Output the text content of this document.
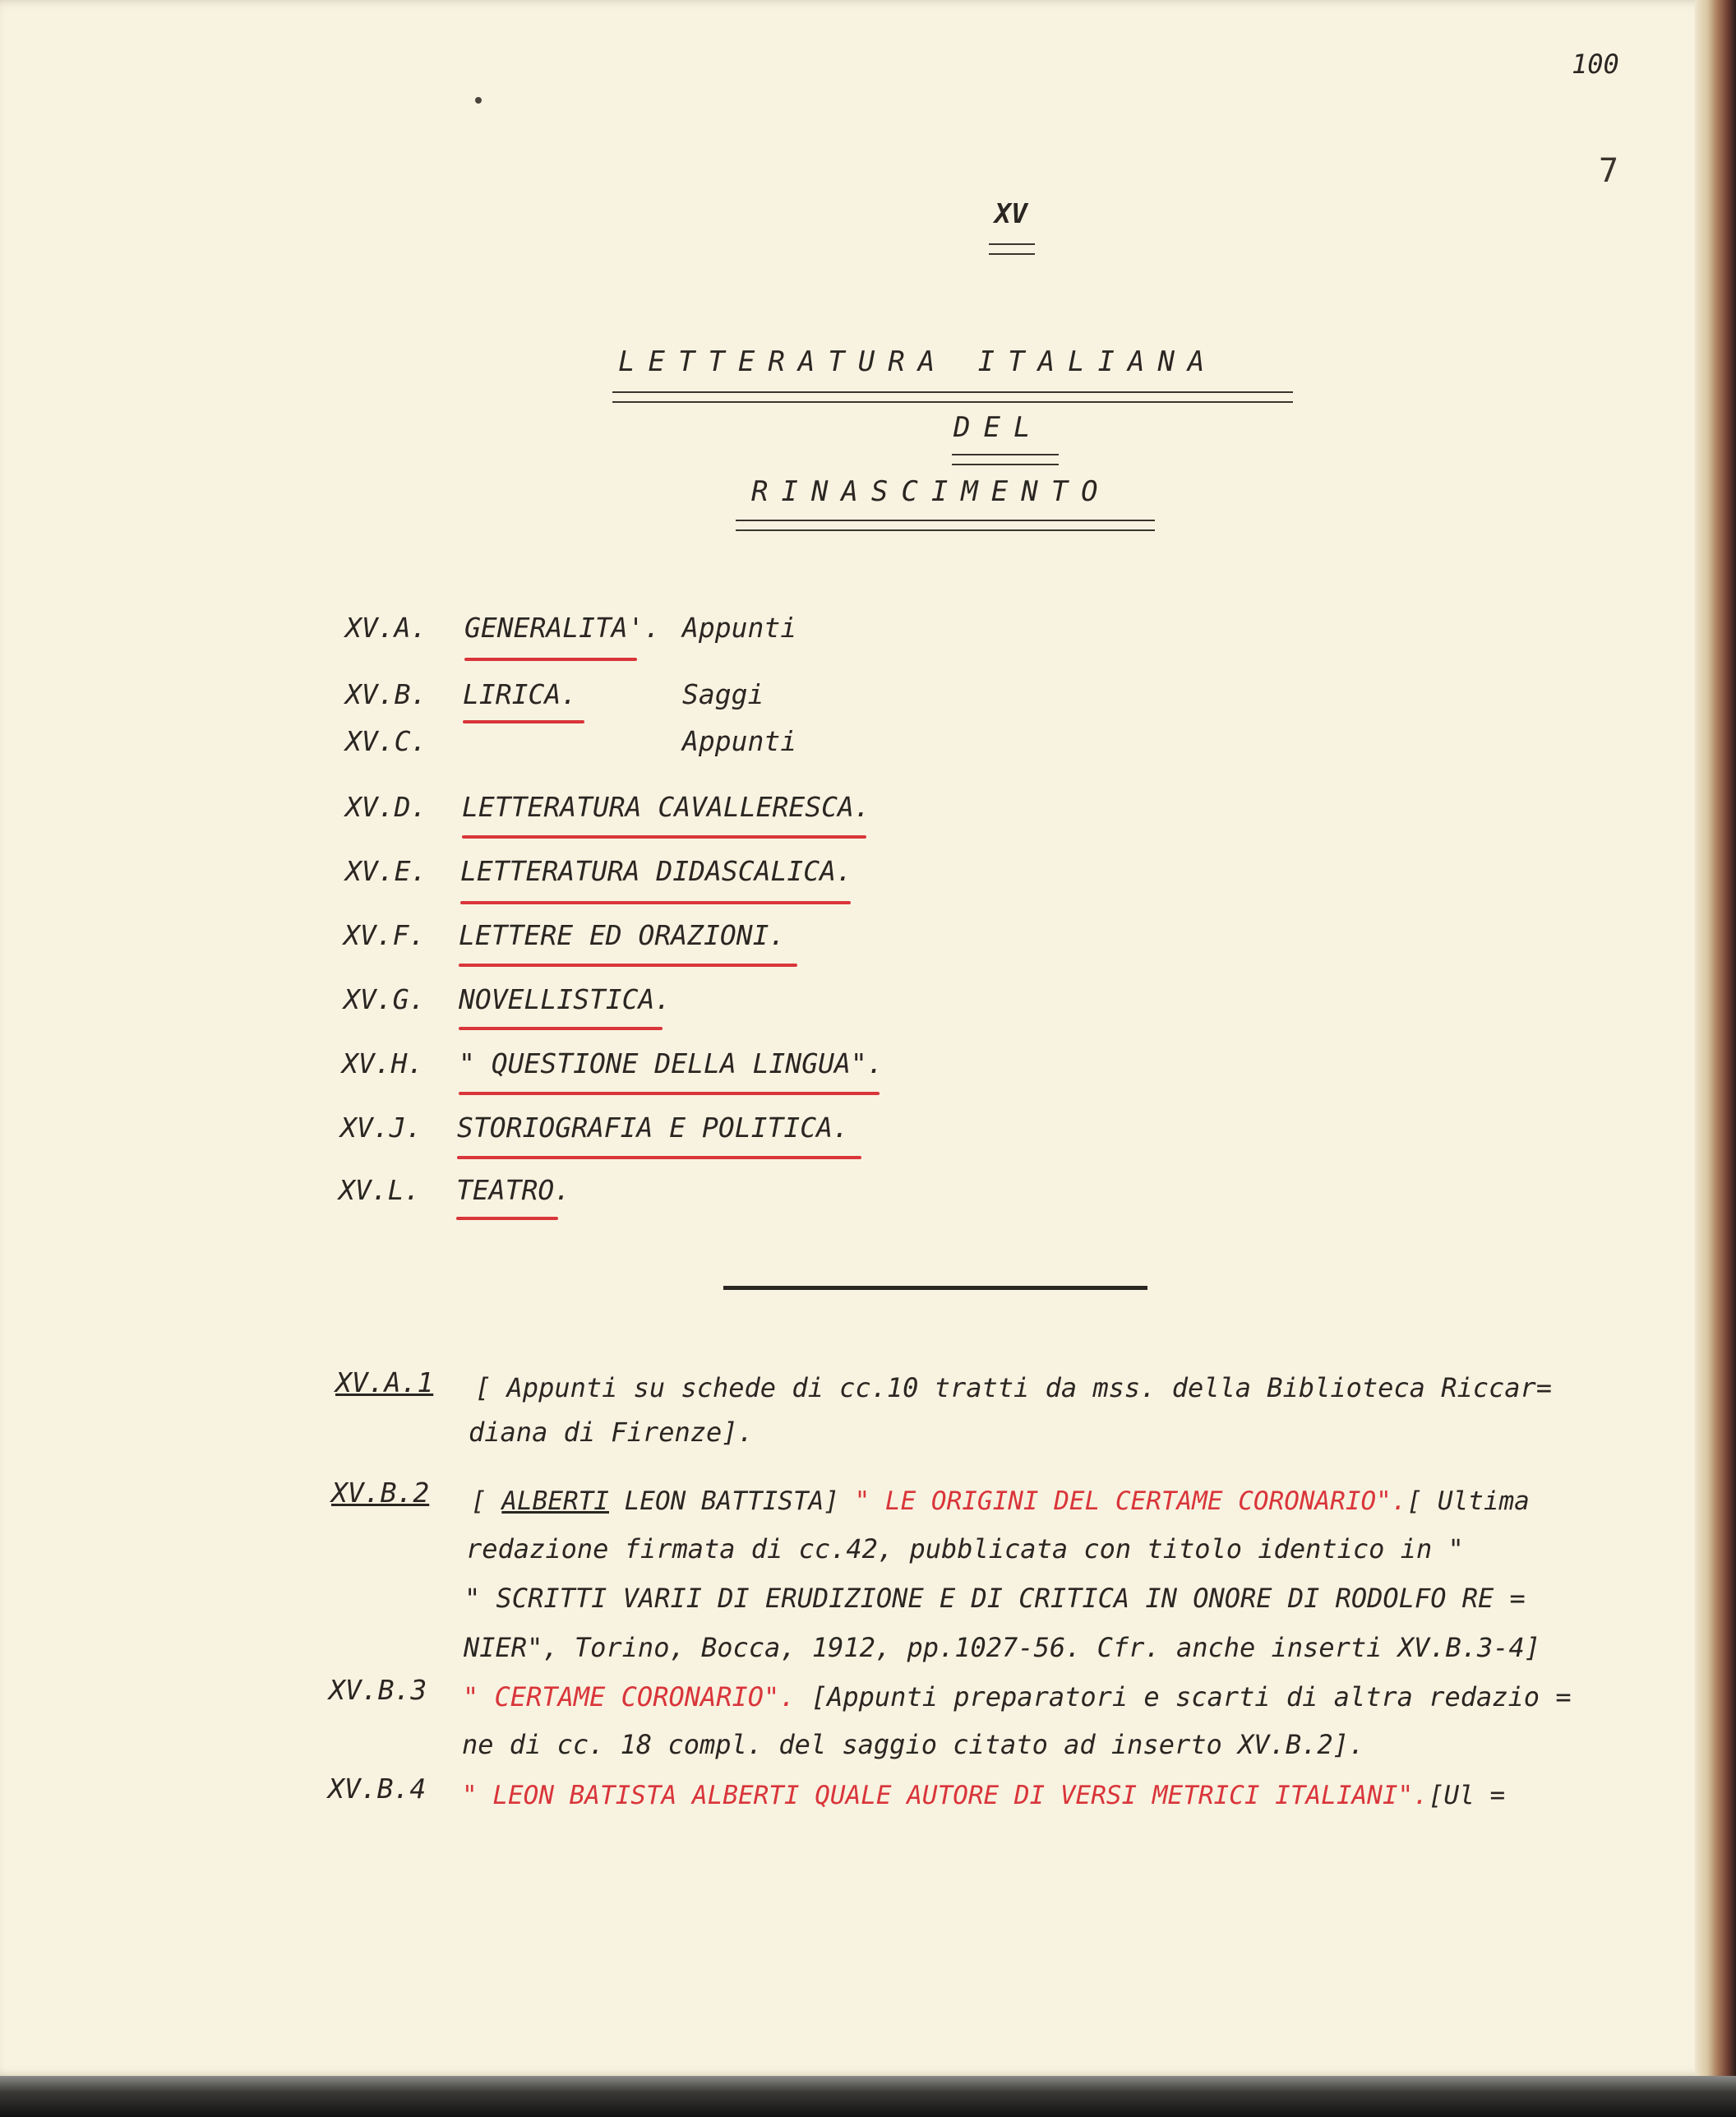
100
7
XV
LETTERATURA ITALIANA
DEL
RINASCIMENTO
XV.A. GENERALITA'. Appunti
XV.B. LIRICA.	Saggi
XV.C.	Appunti
XV.D. LETTERATURA CAVALLERESCA.
XV.E. LETTERATURA DIDASCALICA.
XV.F. LETTERE ED ORAZIONI.
XV.G. NOVELLISTICA.
XV.H. " QUESTIONE DELLA LINGUA".
XV.J. STORIOGRAFIA E POLITICA.
XV.L. TEATRO.
XV.A.1 [ Appunti su schede di cc.10 tratti da mss. della Biblioteca Riccar=
diana di Firenze].
XV.B.2 [ ALBERTI LEON BATTISTA] " LE ORIGINI DEL CERTAME CORONARIO".[ Ultima
redazione firmata di cc.42, pubblicata con titolo identico in "
" SCRITTI VARII DI ERUDIZIONE E DI CRITICA IN ONORE DI RODOLFO RE =
NIER", Torino, Bocca, 1912, pp.1027-56. Cfr. anche inserti XV.B.3-4]
XV.B.3 " CERTAME CORONARIO". [Appunti preparatori e scarti di altra redazio =
ne di cc. 18 compl. del saggio citato ad inserto XV.B.2].
XV.B.4 " LEON BATISTA ALBERTI QUALE AUTORE DI VERSI METRICI ITALIANI".[Ul =
